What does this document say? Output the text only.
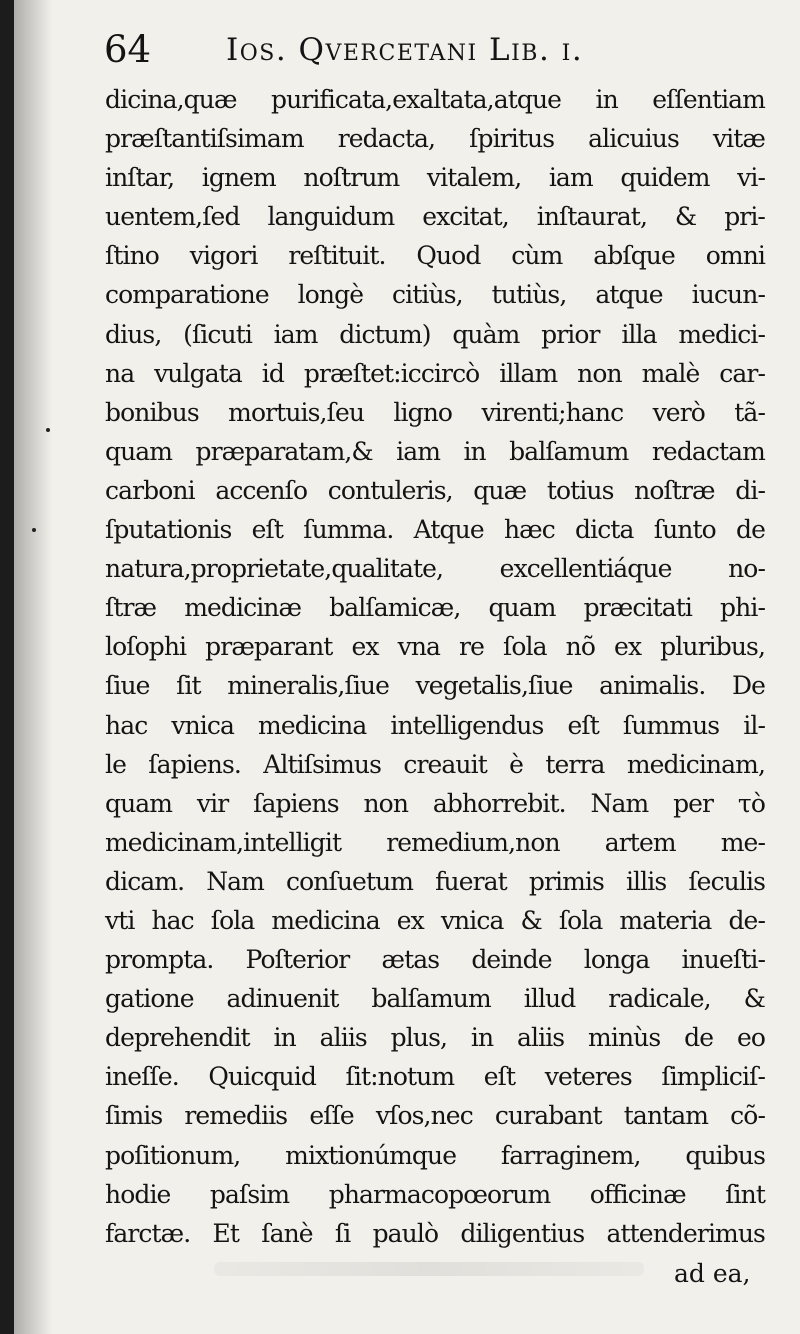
64 Ios. Qvercetani Lib. i.
dicina,quæ purificata,exaltata,atque in eſſentiam
præſtantiſsimam redacta, ſpiritus alicuius vitæ
inſtar, ignem noſtrum vitalem, iam quidem vi-
uentem,ſed languidum excitat, inſtaurat, & pri-
ſtino vigori reſtituit. Quod cùm abſque omni
comparatione longè citiùs, tutiùs, atque iucun-
dius, (ſicuti iam dictum) quàm prior illa medici-
na vulgata id præſtet:iccircò illam non malè car-
bonibus mortuis,ſeu ligno virenti;hanc verò tã-
quam præparatam,& iam in balſamum redactam
carboni accenſo contuleris, quæ totius noſtræ di-
ſputationis eſt ſumma. Atque hæc dicta ſunto de
natura,proprietate,qualitate, excellentiáque no-
ſtræ medicinæ balſamicæ, quam præcitati phi-
loſophi præparant ex vna re ſola nõ ex pluribus,
ſiue ſit mineralis,ſiue vegetalis,ſiue animalis. De
hac vnica medicina intelligendus eſt ſummus il-
le ſapiens. Altiſsimus creauit è terra medicinam,
quam vir ſapiens non abhorrebit. Nam per τὸ
medicinam,intelligit remedium,non artem me-
dicam. Nam conſuetum fuerat primis illis ſeculis
vti hac ſola medicina ex vnica & ſola materia de-
prompta. Poſterior ætas deinde longa inueſti-
gatione adinuenit balſamum illud radicale, &
deprehendit in aliis plus, in aliis minùs de eo
ineſſe. Quicquid ſit:notum eſt veteres ſimpliciſ-
ſimis remediis eſſe vſos,nec curabant tantam cõ-
poſitionum, mixtionúmque farraginem, quibus
hodie paſsim pharmacopœorum officinæ ſint
farctæ. Et ſanè ſi paulò diligentius attenderimus
ad ea,
